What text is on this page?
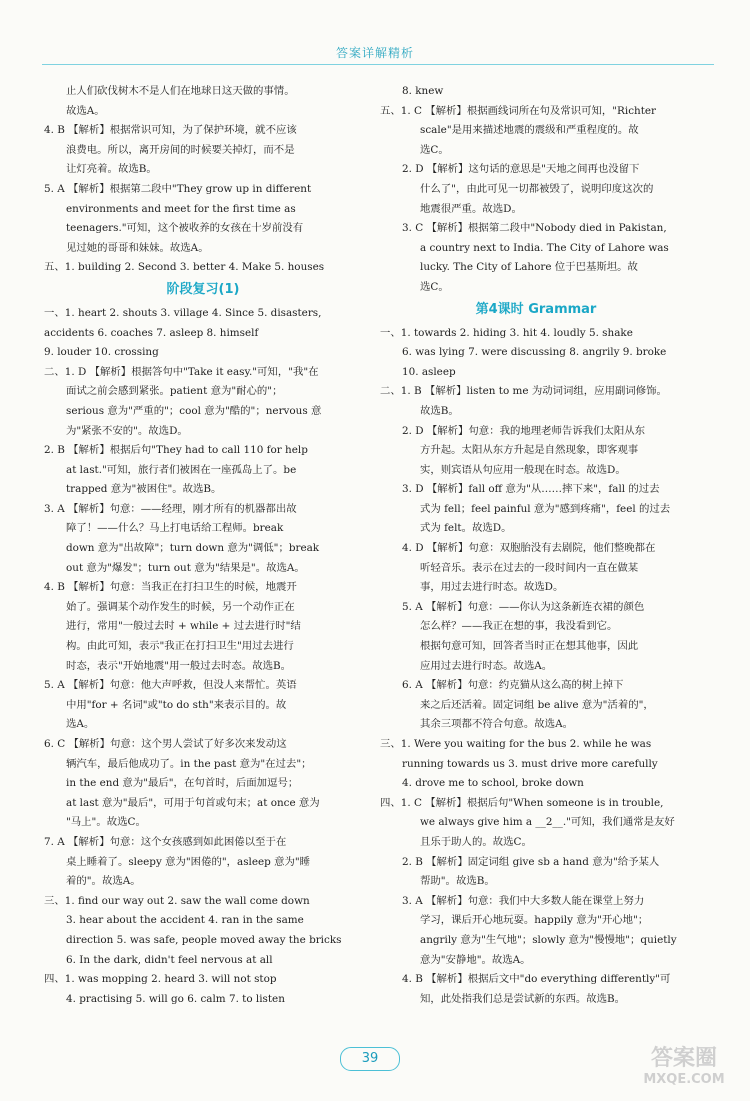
答案详解精析
止人们砍伐树木不是人们在地球日这天做的事情。
故选A。
4. B 【解析】根据常识可知，为了保护环境，就不应该
浪费电。所以，离开房间的时候要关掉灯，而不是
让灯亮着。故选B。
5. A 【解析】根据第二段中"They grow up in different
environments and meet for the first time as
teenagers."可知，这个被收养的女孩在十岁前没有
见过她的哥哥和妹妹。故选A。
五、1. building 2. Second 3. better 4. Make 5. houses
阶段复习(1)
一、1. heart 2. shouts 3. village 4. Since 5. disasters,
accidents 6. coaches 7. asleep 8. himself
9. louder 10. crossing
二、1. D 【解析】根据答句中"Take it easy."可知，"我"在
面试之前会感到紧张。patient 意为"耐心的"；
serious 意为"严重的"；cool 意为"酷的"；nervous 意
为"紧张不安的"。故选D。
2. B 【解析】根据后句"They had to call 110 for help
at last."可知，旅行者们被困在一座孤岛上了。be
trapped 意为"被困住"。故选B。
3. A 【解析】句意：——经理，刚才所有的机器都出故
障了！——什么？马上打电话给工程师。break
down 意为"出故障"；turn down 意为"调低"；break
out 意为"爆发"；turn out 意为"结果是"。故选A。
4. B 【解析】句意：当我正在打扫卫生的时候，地震开
始了。强调某个动作发生的时候，另一个动作正在
进行，常用"一般过去时 + while + 过去进行时"结
构。由此可知，表示"我正在打扫卫生"用过去进行
时态，表示"开始地震"用一般过去时态。故选B。
5. A 【解析】句意：他大声呼救，但没人来帮忙。英语
中用"for + 名词"或"to do sth"来表示目的。故
选A。
6. C 【解析】句意：这个男人尝试了好多次来发动这
辆汽车，最后他成功了。in the past 意为"在过去"；
in the end 意为"最后"，在句首时，后面加逗号；
at last 意为"最后"，可用于句首或句末；at once 意为
"马上"。故选C。
7. A 【解析】句意：这个女孩感到如此困倦以至于在
桌上睡着了。sleepy 意为"困倦的"，asleep 意为"睡
着的"。故选A。
三、1. find our way out 2. saw the wall come down
3. hear about the accident 4. ran in the same
direction 5. was safe, people moved away the bricks
6. In the dark, didn't feel nervous at all
四、1. was mopping 2. heard 3. will not stop
4. practising 5. will go 6. calm 7. to listen
8. knew
五、1. C 【解析】根据画线词所在句及常识可知，"Richter
scale"是用来描述地震的震级和严重程度的。故
选C。
2. D 【解析】这句话的意思是"天地之间再也没留下
什么了"，由此可见一切都被毁了，说明印度这次的
地震很严重。故选D。
3. C 【解析】根据第二段中"Nobody died in Pakistan,
a country next to India. The City of Lahore was
lucky. The City of Lahore 位于巴基斯坦。故
选C。
第4课时 Grammar
一、1. towards 2. hiding 3. hit 4. loudly 5. shake
6. was lying 7. were discussing 8. angrily 9. broke
10. asleep
二、1. B 【解析】listen to me 为动词词组，应用副词修饰。
故选B。
2. D 【解析】句意：我的地理老师告诉我们太阳从东
方升起。太阳从东方升起是自然现象，即客观事
实，则宾语从句应用一般现在时态。故选D。
3. D 【解析】fall off 意为"从……摔下来"，fall 的过去
式为 fell；feel painful 意为"感到疼痛"，feel 的过去
式为 felt。故选D。
4. D 【解析】句意：双胞胎没有去剧院，他们整晚都在
听轻音乐。表示在过去的一段时间内一直在做某
事，用过去进行时态。故选D。
5. A 【解析】句意：——你认为这条新连衣裙的颜色
怎么样？——我正在想的事，我没看到它。
根据句意可知，回答者当时正在想其他事，因此
应用过去进行时态。故选A。
6. A 【解析】句意：约克猫从这么高的树上掉下
来之后还活着。固定词组 be alive 意为"活着的"，
其余三项都不符合句意。故选A。
三、1. Were you waiting for the bus 2. while he was
running towards us 3. must drive more carefully
4. drove me to school, broke down
四、1. C 【解析】根据后句"When someone is in trouble,
we always give him a __2__."可知，我们通常是友好
且乐于助人的。故选C。
2. B 【解析】固定词组 give sb a hand 意为"给予某人
帮助"。故选B。
3. A 【解析】句意：我们中大多数人能在课堂上努力
学习，课后开心地玩耍。happily 意为"开心地"；
angrily 意为"生气地"；slowly 意为"慢慢地"；quietly
意为"安静地"。故选A。
4. B 【解析】根据后文中"do everything differently"可
知，此处指我们总是尝试新的东西。故选B。
39	答案圈
MXQE.COM
